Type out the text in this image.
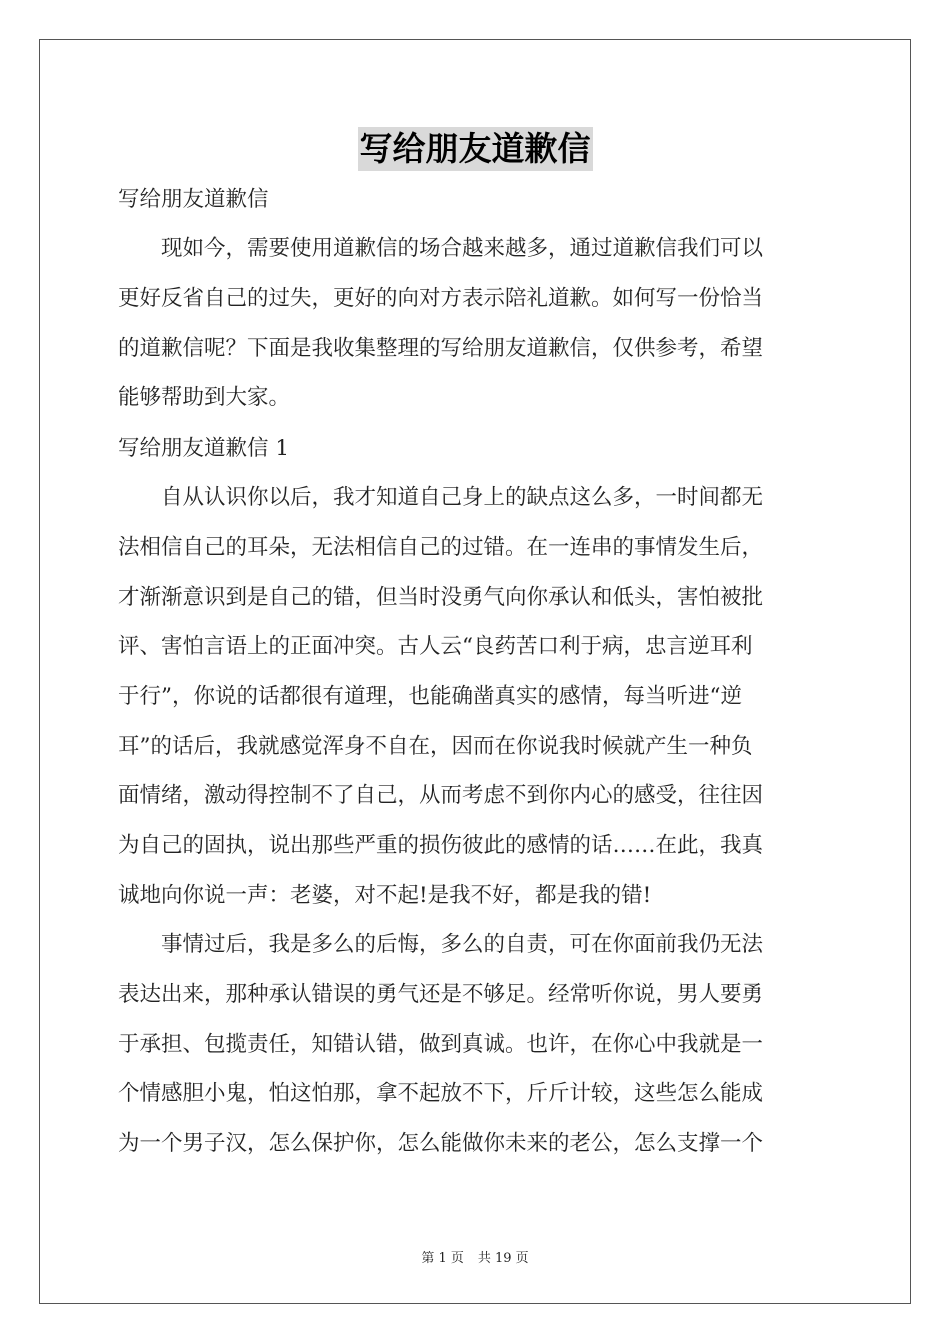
写给朋友道歉信
写给朋友道歉信
　　现如今，需要使用道歉信的场合越来越多，通过道歉信我们可以
更好反省自己的过失，更好的向对方表示陪礼道歉。如何写一份恰当
的道歉信呢？下面是我收集整理的写给朋友道歉信，仅供参考，希望
能够帮助到大家。
写给朋友道歉信 1
　　自从认识你以后，我才知道自己身上的缺点这么多，一时间都无
法相信自己的耳朵，无法相信自己的过错。在一连串的事情发生后，
才渐渐意识到是自己的错，但当时没勇气向你承认和低头，害怕被批
评、害怕言语上的正面冲突。古人云“良药苦口利于病，忠言逆耳利
于行”，你说的话都很有道理，也能确凿真实的感情，每当听进“逆
耳”的话后，我就感觉浑身不自在，因而在你说我时候就产生一种负
面情绪，激动得控制不了自己，从而考虑不到你内心的感受，往往因
为自己的固执，说出那些严重的损伤彼此的感情的话……在此，我真
诚地向你说一声：老婆，对不起!是我不好，都是我的错!
　　事情过后，我是多么的后悔，多么的自责，可在你面前我仍无法
表达出来，那种承认错误的勇气还是不够足。经常听你说，男人要勇
于承担、包揽责任，知错认错，做到真诚。也许，在你心中我就是一
个情感胆小鬼，怕这怕那，拿不起放不下，斤斤计较，这些怎么能成
为一个男子汉，怎么保护你，怎么能做你未来的老公，怎么支撑一个
第 1 页 共 19 页
